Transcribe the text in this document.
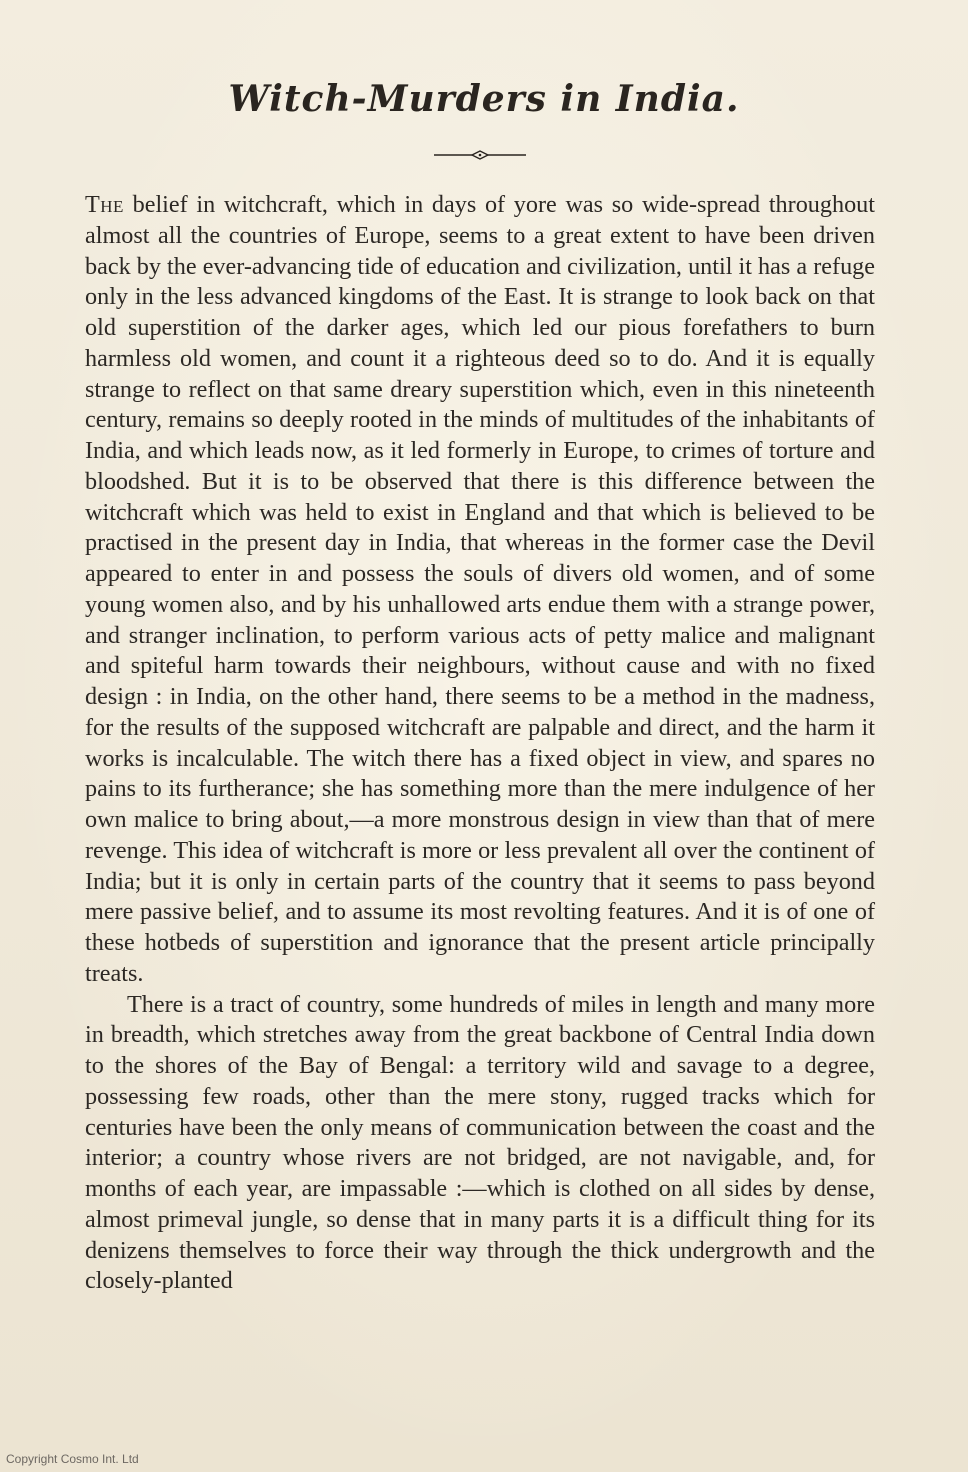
Witch-Murders in India.

The belief in witchcraft, which in days of yore was so wide-spread throughout almost all the countries of Europe, seems to a great extent to have been driven back by the ever-advancing tide of education and civilization, until it has a refuge only in the less advanced kingdoms of the East. It is strange to look back on that old superstition of the darker ages, which led our pious forefathers to burn harmless old women, and count it a righteous deed so to do. And it is equally strange to reflect on that same dreary superstition which, even in this nineteenth century, remains so deeply rooted in the minds of multitudes of the inhabitants of India, and which leads now, as it led formerly in Europe, to crimes of torture and bloodshed. But it is to be observed that there is this difference between the witchcraft which was held to exist in England and that which is believed to be practised in the present day in India, that whereas in the former case the Devil appeared to enter in and possess the souls of divers old women, and of some young women also, and by his unhallowed arts endue them with a strange power, and stranger inclination, to perform various acts of petty malice and malignant and spiteful harm towards their neighbours, without cause and with no fixed design : in India, on the other hand, there seems to be a method in the madness, for the results of the supposed witchcraft are palpable and direct, and the harm it works is incalculable. The witch there has a fixed object in view, and spares no pains to its furtherance; she has something more than the mere indulgence of her own malice to bring about,—a more monstrous design in view than that of mere revenge. This idea of witchcraft is more or less prevalent all over the continent of India; but it is only in certain parts of the country that it seems to pass beyond mere passive belief, and to assume its most revolting features. And it is of one of these hotbeds of superstition and ignorance that the present article principally treats.

There is a tract of country, some hundreds of miles in length and many more in breadth, which stretches away from the great backbone of Central India down to the shores of the Bay of Bengal: a territory wild and savage to a degree, possessing few roads, other than the mere stony, rugged tracks which for centuries have been the only means of communication between the coast and the interior; a country whose rivers are not bridged, are not navigable, and, for months of each year, are impassable :—which is clothed on all sides by dense, almost primeval jungle, so dense that in many parts it is a difficult thing for its denizens themselves to force their way through the thick undergrowth and the closely-planted

Copyright Cosmo Int. Ltd
